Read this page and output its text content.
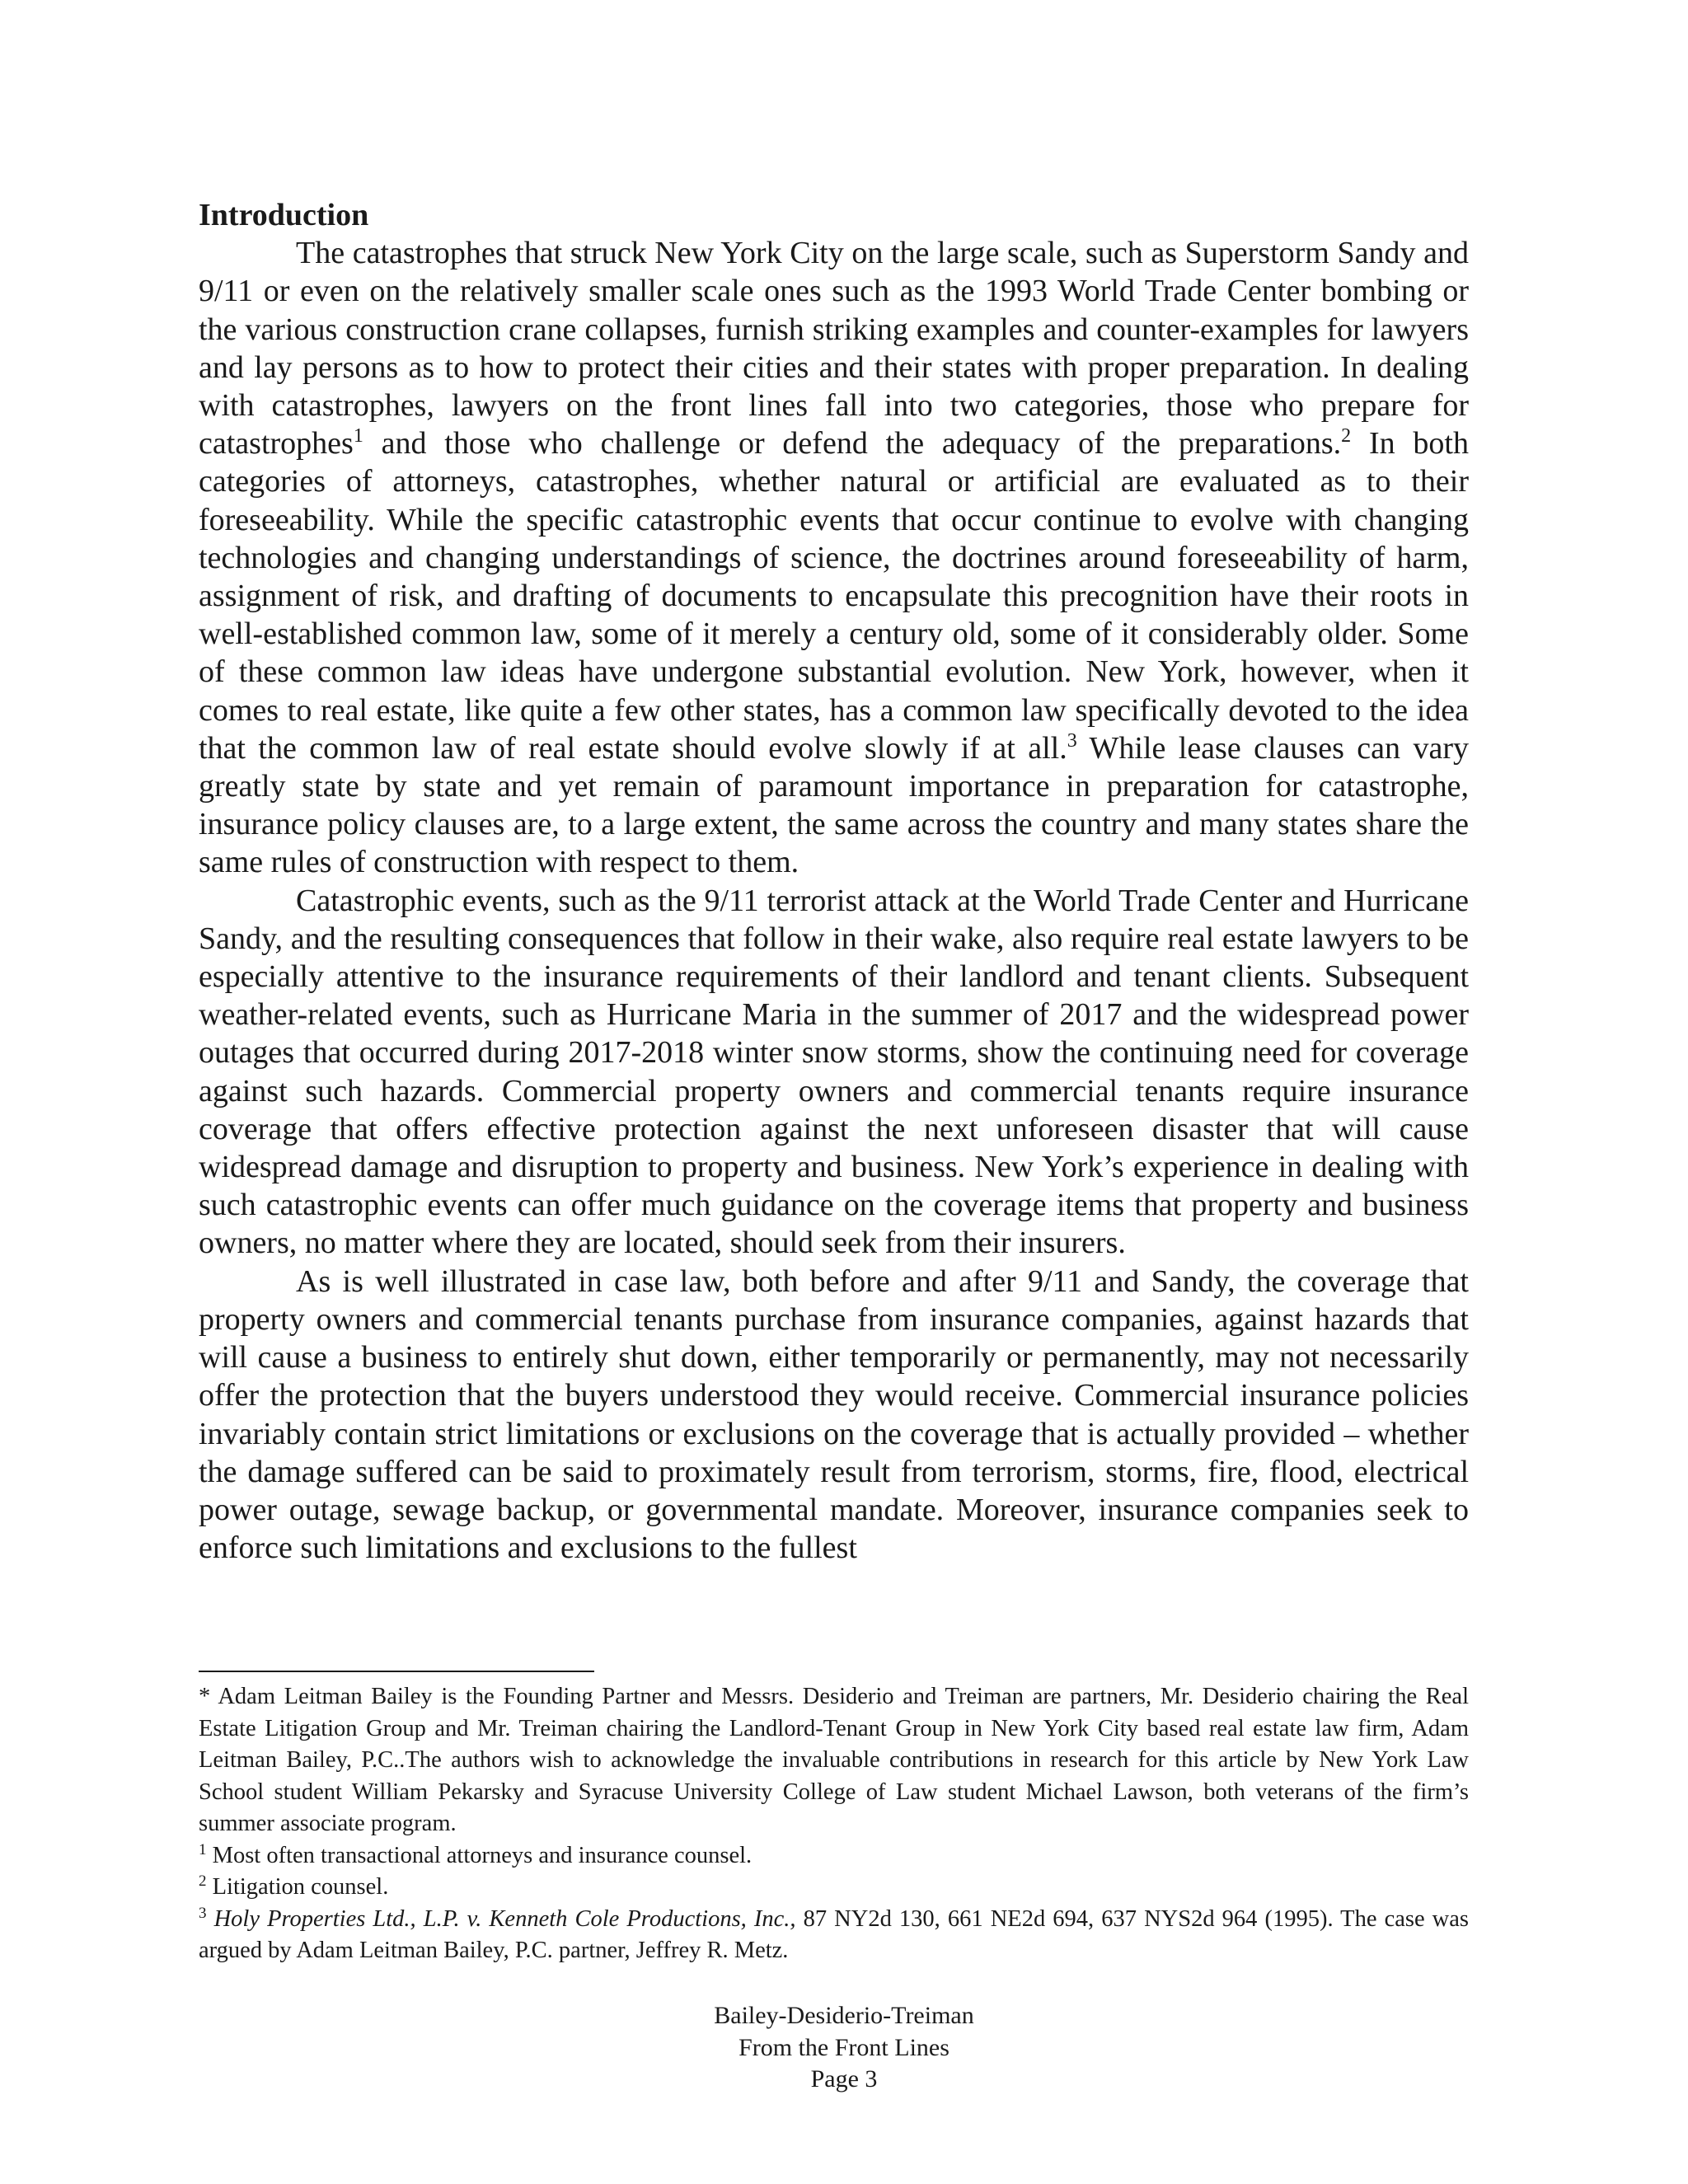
Introduction

The catastrophes that struck New York City on the large scale, such as Superstorm Sandy and 9/11 or even on the relatively smaller scale ones such as the 1993 World Trade Center bombing or the various construction crane collapses, furnish striking examples and counter-examples for lawyers and lay persons as to how to protect their cities and their states with proper preparation. In dealing with catastrophes, lawyers on the front lines fall into two categories, those who prepare for catastrophes$^1$ and those who challenge or defend the adequacy of the preparations.$^2$ In both categories of attorneys, catastrophes, whether natural or artificial are evaluated as to their foreseeability. While the specific catastrophic events that occur continue to evolve with changing technologies and changing understandings of science, the doctrines around foreseeability of harm, assignment of risk, and drafting of documents to encapsulate this precognition have their roots in well-established common law, some of it merely a century old, some of it considerably older. Some of these common law ideas have undergone substantial evolution. New York, however, when it comes to real estate, like quite a few other states, has a common law specifically devoted to the idea that the common law of real estate should evolve slowly if at all.$^3$ While lease clauses can vary greatly state by state and yet remain of paramount importance in preparation for catastrophe, insurance policy clauses are, to a large extent, the same across the country and many states share the same rules of construction with respect to them.

Catastrophic events, such as the 9/11 terrorist attack at the World Trade Center and Hurricane Sandy, and the resulting consequences that follow in their wake, also require real estate lawyers to be especially attentive to the insurance requirements of their landlord and tenant clients. Subsequent weather-related events, such as Hurricane Maria in the summer of 2017 and the widespread power outages that occurred during 2017-2018 winter snow storms, show the continuing need for coverage against such hazards. Commercial property owners and commercial tenants require insurance coverage that offers effective protection against the next unforeseen disaster that will cause widespread damage and disruption to property and business. New York’s experience in dealing with such catastrophic events can offer much guidance on the coverage items that property and business owners, no matter where they are located, should seek from their insurers.

As is well illustrated in case law, both before and after 9/11 and Sandy, the coverage that property owners and commercial tenants purchase from insurance companies, against hazards that will cause a business to entirely shut down, either temporarily or permanently, may not necessarily offer the protection that the buyers understood they would receive. Commercial insurance policies invariably contain strict limitations or exclusions on the coverage that is actually provided – whether the damage suffered can be said to proximately result from terrorism, storms, fire, flood, electrical power outage, sewage backup, or governmental mandate. Moreover, insurance companies seek to enforce such limitations and exclusions to the fullest

* Adam Leitman Bailey is the Founding Partner and Messrs. Desiderio and Treiman are partners, Mr. Desiderio chairing the Real Estate Litigation Group and Mr. Treiman chairing the Landlord-Tenant Group in New York City based real estate law firm, Adam Leitman Bailey, P.C..The authors wish to acknowledge the invaluable contributions in research for this article by New York Law School student William Pekarsky and Syracuse University College of Law student Michael Lawson, both veterans of the firm’s summer associate program.
$^1$ Most often transactional attorneys and insurance counsel.
$^2$ Litigation counsel.
$^3$ Holy Properties Ltd., L.P. v. Kenneth Cole Productions, Inc., 87 NY2d 130, 661 NE2d 694, 637 NYS2d 964 (1995). The case was argued by Adam Leitman Bailey, P.C. partner, Jeffrey R. Metz.
Bailey-Desiderio-Treiman
From the Front Lines
Page 3
